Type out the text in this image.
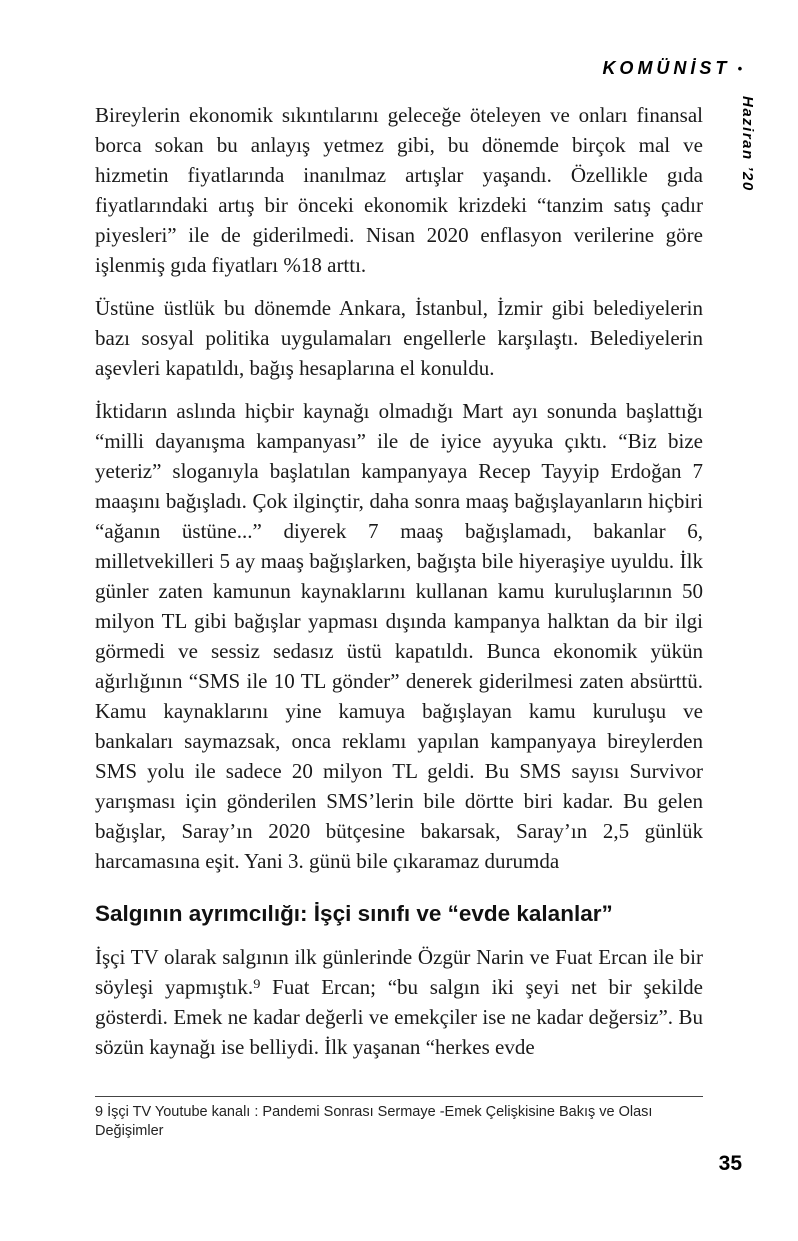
KOMÜNİST •
Haziran ’20

Bireylerin ekonomik sıkıntılarını geleceğe öteleyen ve onları finansal borca sokan bu anlayış yetmez gibi, bu dönemde birçok mal ve hizmetin fiyatlarında inanılmaz artışlar yaşandı. Özellikle gıda fiyatlarındaki artış bir önceki ekonomik krizdeki “tanzim satış çadır piyesleri” ile de giderilmedi. Nisan 2020 enflasyon verilerine göre işlenmiş gıda fiyatları %18 arttı.

Üstüne üstlük bu dönemde Ankara, İstanbul, İzmir gibi belediyelerin bazı sosyal politika uygulamaları engellerle karşılaştı. Belediyelerin aşevleri kapatıldı, bağış hesaplarına el konuldu.

İktidarın aslında hiçbir kaynağı olmadığı Mart ayı sonunda başlattığı “milli dayanışma kampanyası” ile de iyice ayyuka çıktı. “Biz bize yeteriz” sloganıyla başlatılan kampanyaya Recep Tayyip Erdoğan 7 maaşını bağışladı. Çok ilginçtir, daha sonra maaş bağışlayanların hiçbiri “ağanın üstüne...” diyerek 7 maaş bağışlamadı, bakanlar 6, milletvekilleri 5 ay maaş bağışlarken, bağışta bile hiyeraşiye uyuldu. İlk günler zaten kamunun kaynaklarını kullanan kamu kuruluşlarının 50 milyon TL gibi bağışlar yapması dışında kampanya halktan da bir ilgi görmedi ve sessiz sedasız üstü kapatıldı. Bunca ekonomik yükün ağırlığının “SMS ile 10 TL gönder” denerek giderilmesi zaten absürttü. Kamu kaynaklarını yine kamuya bağışlayan kamu kuruluşu ve bankaları saymazsak, onca reklamı yapılan kampanyaya bireylerden SMS yolu ile sadece 20 milyon TL geldi. Bu SMS sayısı Survivor yarışması için gönderilen SMS’lerin bile dörtte biri kadar. Bu gelen bağışlar, Saray’ın 2020 bütçesine bakarsak, Saray’ın 2,5 günlük harcamasına eşit. Yani 3. günü bile çıkaramaz durumda

Salgının ayrımcılığı: İşçi sınıfı ve “evde kalanlar”

İşçi TV olarak salgının ilk günlerinde Özgür Narin ve Fuat Ercan ile bir söyleşi yapmıştık.⁹ Fuat Ercan; “bu salgın iki şeyi net bir şekilde gösterdi. Emek ne kadar değerli ve emekçiler ise ne kadar değersiz”. Bu sözün kaynağı ise belliydi. İlk yaşanan “herkes evde

9 İşçi TV Youtube kanalı : Pandemi Sonrası Sermaye -Emek Çelişkisine Bakış ve Olası Değişimler
35
